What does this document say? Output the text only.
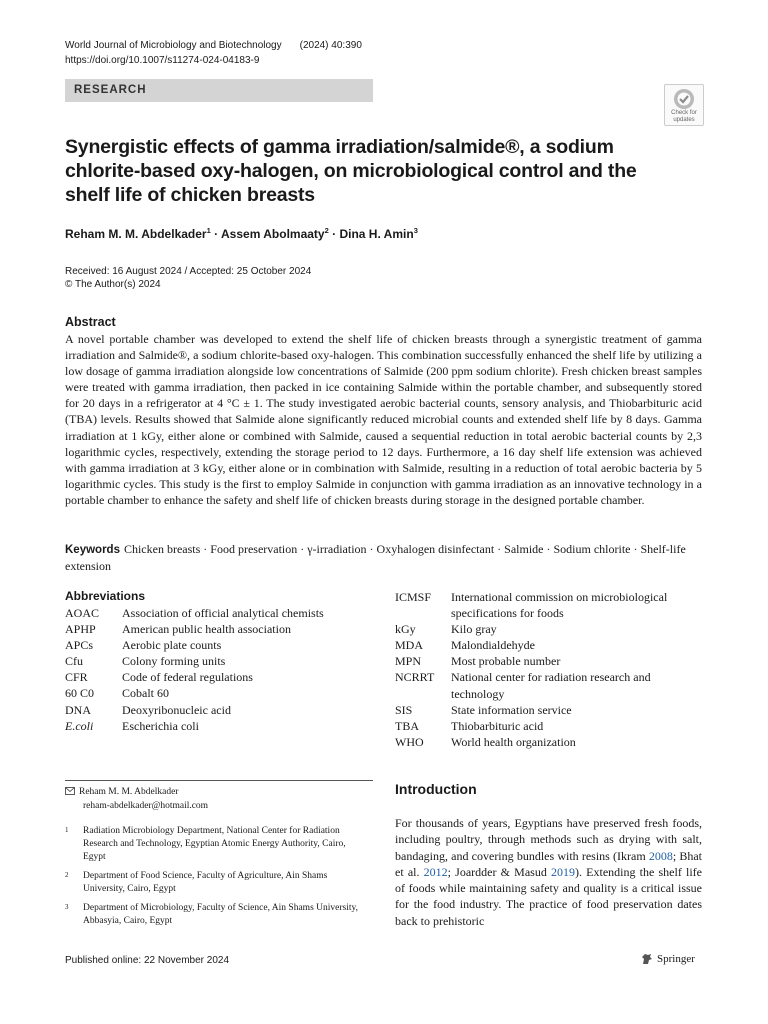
World Journal of Microbiology and Biotechnology (2024) 40:390
https://doi.org/10.1007/s11274-024-04183-9
RESEARCH
Check for
updates
Synergistic effects of gamma irradiation/salmide®, a sodium chlorite-based oxy-halogen, on microbiological control and the shelf life of chicken breasts
Reham M. M. Abdelkader$^1$ · Assem Abolmaaty$^2$ · Dina H. Amin$^3$
Received: 16 August 2024 / Accepted: 25 October 2024
© The Author(s) 2024
Abstract

A novel portable chamber was developed to extend the shelf life of chicken breasts through a synergistic treatment of gamma irradiation and Salmide®, a sodium chlorite-based oxy-halogen. This combination successfully enhanced the shelf life by utilizing a low dosage of gamma irradiation alongside low concentrations of Salmide (200 ppm sodium chlorite). Fresh chicken breast samples were treated with gamma irradiation, then packed in ice containing Salmide within the portable chamber, and subsequently stored for 20 days in a refrigerator at 4 °C ± 1. The study investigated aerobic bacterial counts, sensory analysis, and Thiobarbituric acid (TBA) levels. Results showed that Salmide alone significantly reduced microbial counts and extended shelf life by 8 days. Gamma irradiation at 1 kGy, either alone or combined with Salmide, caused a sequential reduction in total aerobic bacterial counts by 2,3 logarithmic cycles, respectively, extending the storage period to 12 days. Furthermore, a 16 day shelf life extension was achieved with gamma irradiation at 3 kGy, either alone or in combination with Salmide, resulting in a reduction of total aerobic bacteria by 5 logarithmic cycles. This study is the first to employ Salmide in conjunction with gamma irradiation as an innovative technology in a portable chamber to enhance the safety and shelf life of chicken breasts during storage in the designed portable chamber.

Keywords Chicken breasts · Food preservation · γ-irradiation · Oxyhalogen disinfectant · Salmide · Sodium chlorite · Shelf-life extension
Abbreviations
AOAC	Association of official analytical chemists
APHP	American public health association
APCs	Aerobic plate counts
Cfu	Colony forming units
CFR	Code of federal regulations
60 C0	Cobalt 60
DNA	Deoxyribonucleic acid
E.coli	Escherichia coli
ICMSF	International commission on microbiological specifications for foods
kGy	Kilo gray
MDA	Malondialdehyde
MPN	Most probable number
NCRRT	National center for radiation research and technology
SIS	State information service
TBA	Thiobarbituric acid
WHO	World health organization
Reham M. M. Abdelkader
reham-abdelkader@hotmail.com
1	Radiation Microbiology Department, National Center for Radiation Research and Technology, Egyptian Atomic Energy Authority, Cairo, Egypt
2	Department of Food Science, Faculty of Agriculture, Ain Shams University, Cairo, Egypt
3	Department of Microbiology, Faculty of Science, Ain Shams University, Abbasyia, Cairo, Egypt
Introduction

For thousands of years, Egyptians have preserved fresh foods, including poultry, through methods such as drying with salt, bandaging, and covering bundles with resins (Ikram 2008; Bhat et al. 2012; Joardder & Masud 2019). Extending the shelf life of foods while maintaining safety and quality is a critical issue for the food industry. The practice of food preservation dates back to prehistoric

Published online: 22 November 2024	Springer
